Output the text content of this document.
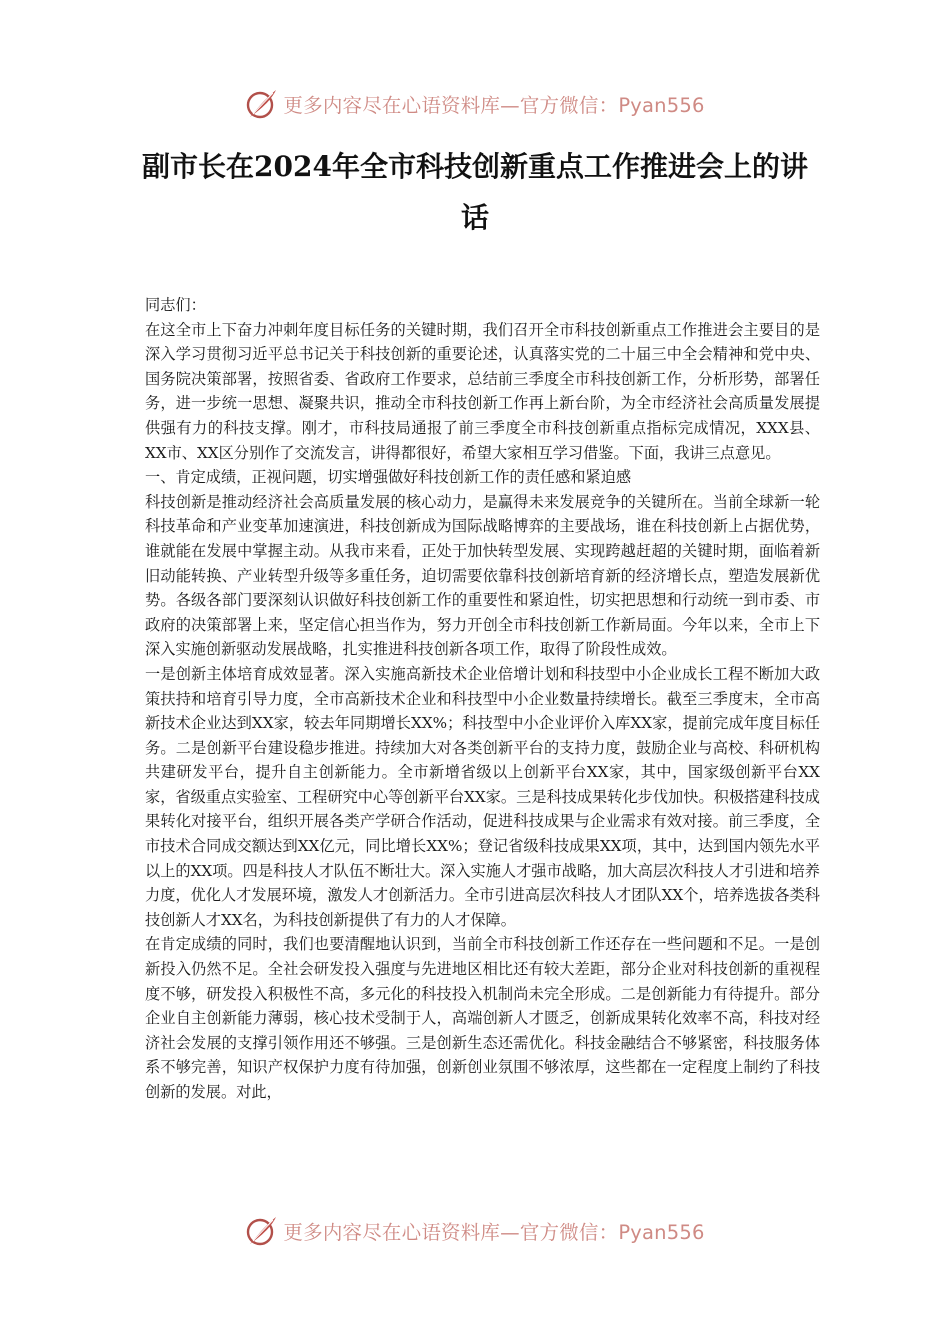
更多内容尽在心语资料库—官方微信：Pyan556
副市长在2024年全市科技创新重点工作推进会上的讲话

同志们：

在这全市上下奋力冲刺年度目标任务的关键时期，我们召开全市科技创新重点工作推进会主要目的是深入学习贯彻习近平总书记关于科技创新的重要论述，认真落实党的二十届三中全会精神和党中央、国务院决策部署，按照省委、省政府工作要求，总结前三季度全市科技创新工作，分析形势，部署任务，进一步统一思想、凝聚共识，推动全市科技创新工作再上新台阶，为全市经济社会高质量发展提供强有力的科技支撑。刚才，市科技局通报了前三季度全市科技创新重点指标完成情况，XXX县、XX市、XX区分别作了交流发言，讲得都很好，希望大家相互学习借鉴。下面，我讲三点意见。

一、肯定成绩，正视问题，切实增强做好科技创新工作的责任感和紧迫感

科技创新是推动经济社会高质量发展的核心动力，是赢得未来发展竞争的关键所在。当前全球新一轮科技革命和产业变革加速演进，科技创新成为国际战略博弈的主要战场，谁在科技创新上占据优势，谁就能在发展中掌握主动。从我市来看，正处于加快转型发展、实现跨越赶超的关键时期，面临着新旧动能转换、产业转型升级等多重任务，迫切需要依靠科技创新培育新的经济增长点，塑造发展新优势。各级各部门要深刻认识做好科技创新工作的重要性和紧迫性，切实把思想和行动统一到市委、市政府的决策部署上来，坚定信心担当作为，努力开创全市科技创新工作新局面。今年以来，全市上下深入实施创新驱动发展战略，扎实推进科技创新各项工作，取得了阶段性成效。

一是创新主体培育成效显著。深入实施高新技术企业倍增计划和科技型中小企业成长工程不断加大政策扶持和培育引导力度，全市高新技术企业和科技型中小企业数量持续增长。截至三季度末，全市高新技术企业达到XX家，较去年同期增长XX%；科技型中小企业评价入库XX家，提前完成年度目标任务。二是创新平台建设稳步推进。持续加大对各类创新平台的支持力度，鼓励企业与高校、科研机构共建研发平台，提升自主创新能力。全市新增省级以上创新平台XX家，其中，国家级创新平台XX家，省级重点实验室、工程研究中心等创新平台XX家。三是科技成果转化步伐加快。积极搭建科技成果转化对接平台，组织开展各类产学研合作活动，促进科技成果与企业需求有效对接。前三季度，全市技术合同成交额达到XX亿元，同比增长XX%；登记省级科技成果XX项，其中，达到国内领先水平以上的XX项。四是科技人才队伍不断壮大。深入实施人才强市战略，加大高层次科技人才引进和培养力度，优化人才发展环境，激发人才创新活力。全市引进高层次科技人才团队XX个，培养选拔各类科技创新人才XX名，为科技创新提供了有力的人才保障。

在肯定成绩的同时，我们也要清醒地认识到，当前全市科技创新工作还存在一些问题和不足。一是创新投入仍然不足。全社会研发投入强度与先进地区相比还有较大差距，部分企业对科技创新的重视程度不够，研发投入积极性不高，多元化的科技投入机制尚未完全形成。二是创新能力有待提升。部分企业自主创新能力薄弱，核心技术受制于人，高端创新人才匮乏，创新成果转化效率不高，科技对经济社会发展的支撑引领作用还不够强。三是创新生态还需优化。科技金融结合不够紧密，科技服务体系不够完善，知识产权保护力度有待加强，创新创业氛围不够浓厚，这些都在一定程度上制约了科技创新的发展。对此，

更多内容尽在心语资料库—官方微信：Pyan556
